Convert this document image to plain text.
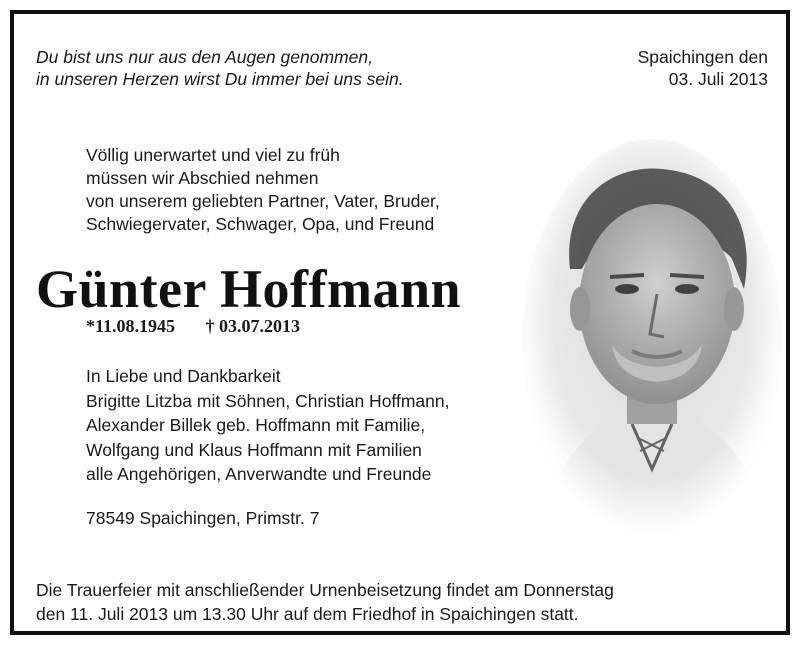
Du bist uns nur aus den Augen genommen,
in unseren Herzen wirst Du immer bei uns sein.
Spaichingen den
03. Juli 2013
Völlig unerwartet und viel zu früh
müssen wir Abschied nehmen
von unserem geliebten Partner, Vater, Bruder,
Schwiegervater, Schwager, Opa, und Freund
Günter Hoffmann
*11.08.1945 † 03.07.2013
In Liebe und Dankbarkeit
Brigitte Litzba mit Söhnen, Christian Hoffmann,
Alexander Billek geb. Hoffmann mit Familie,
Wolfgang und Klaus Hoffmann mit Familien
alle Angehörigen, Anverwandte und Freunde
78549 Spaichingen, Primstr. 7
Die Trauerfeier mit anschließender Urnenbeisetzung findet am Donnerstag
den 11. Juli 2013 um 13.30 Uhr auf dem Friedhof in Spaichingen statt.
